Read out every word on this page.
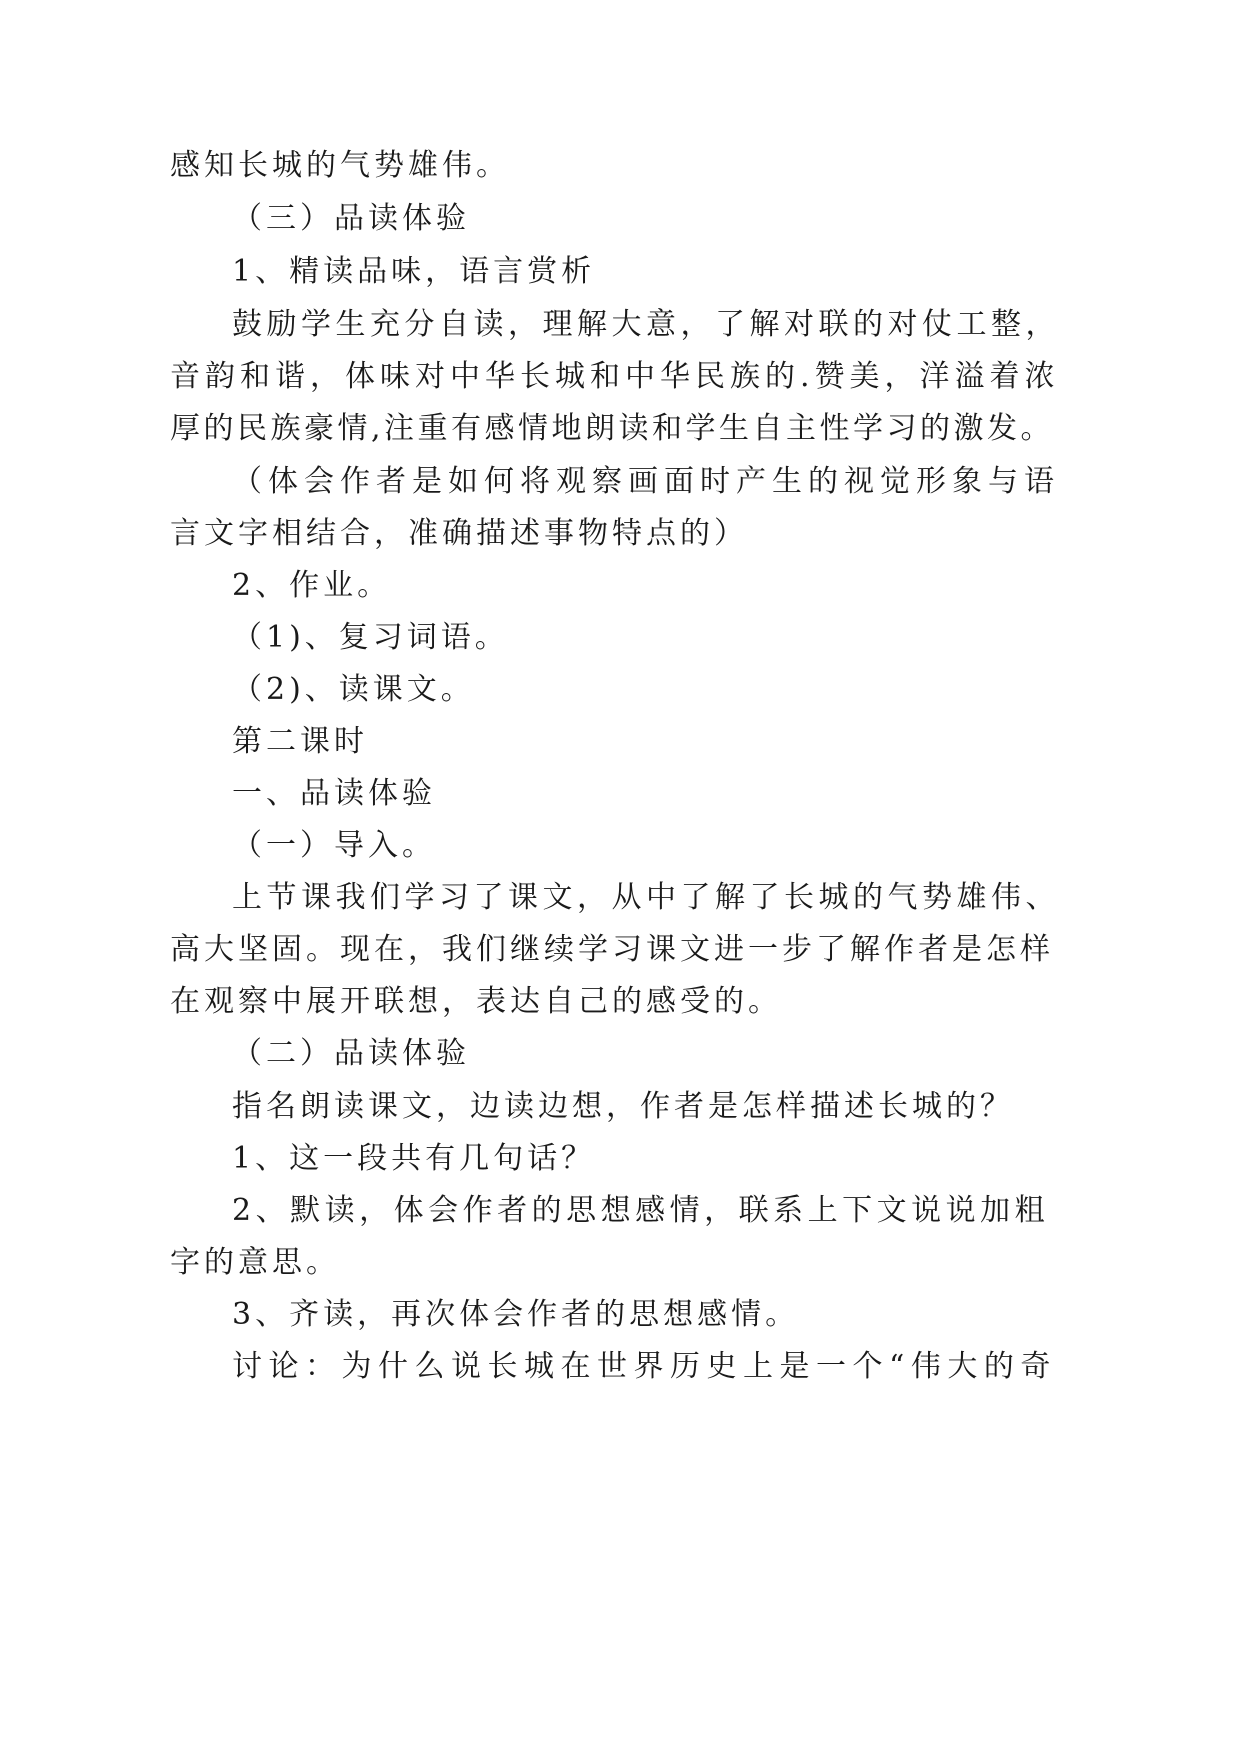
感知长城的气势雄伟。
（三）品读体验
1、精读品味，语言赏析
鼓励学生充分自读，理解大意，了解对联的对仗工整，
音韵和谐，体味对中华长城和中华民族的.赞美，洋溢着浓
厚的民族豪情,注重有感情地朗读和学生自主性学习的激发。
（体会作者是如何将观察画面时产生的视觉形象与语
言文字相结合，准确描述事物特点的）
2、作业。
（1)、复习词语。
（2)、读课文。
第二课时
一、品读体验
（一）导入。
上节课我们学习了课文，从中了解了长城的气势雄伟、
高大坚固。现在，我们继续学习课文进一步了解作者是怎样
在观察中展开联想，表达自己的感受的。
（二）品读体验
指名朗读课文，边读边想，作者是怎样描述长城的？
1、这一段共有几句话？
2、默读，体会作者的思想感情，联系上下文说说加粗
字的意思。
3、齐读，再次体会作者的思想感情。
讨论：为什么说长城在世界历史上是一个“伟大的奇
